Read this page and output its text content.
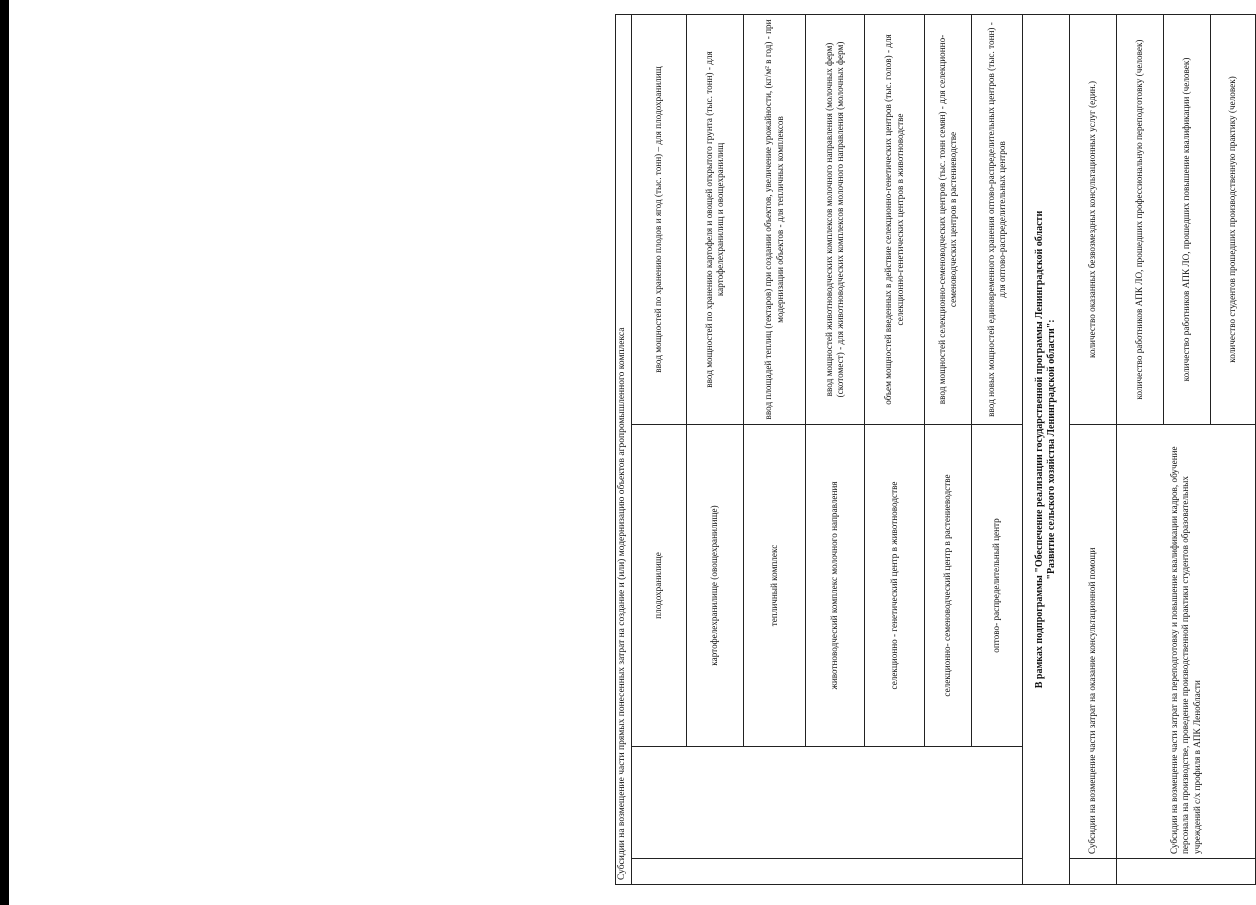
Субсидии на возмещение части прямых понесенных затрат на создание и (или) модернизацию объектов агропромышленного комплекса			
		плодохранилище	ввод мощностей по хранению плодов и ягод (тыс. тонн) – для плодохранилищ
		картофелехранилище (овощехранилище)	ввод мощностей по хранению картофеля и овощей открытого грунта (тыс. тонн) - для картофелехранилищ и овощехранилищ
		тепличный комплекс	ввод площадей теплиц (гектаров) при создании объектов, увеличение урожайности, (кг/м² в год) - при модернизации объектов - для тепличных комплексов
		животноводческий комплекс молочного направления	ввод мощностей животноводческих комплексов молочного направления (молочных ферм) (скотомест) - для животноводческих комплексов молочного направления (молочных ферм)
		селекционно - генетический центр в животноводстве	объем мощностей введенных в действие селекционно-генетических центров (тыс. голов) - для селекционно-генетических центров в животноводстве
		селекционно- семеноводческий центр в растениеводстве	ввод мощностей селекционно-семеноводческих центров (тыс. тонн семян) - для селекционно-семеноводческих центров в растениеводстве
		оптово- распределительный центр	ввод новых мощностей единовременного хранения оптово-распределительных центров (тыс. тонн) - для оптово-распределительных центров

В рамках подпрограммы "Обеспечение реализации государственной программы Ленинградской области "Развитие сельского хозяйства Ленинградской области":			

	Субсидии на возмещение части затрат на оказание консультационной помощи		количество оказанных безвозмездных консультационных услуг (един.)
	Субсидии на возмещение части затрат на переподготовку и повышение квалификации кадров, обучение персонала на производстве, проведение производственной практики студентов образовательных учреждений с/х профиля в АПК Ленобласти		количество работников АПК ЛО, прошедших профессиональную переподготовку (человек)
			количество работников АПК ЛО, прошедших повышение квалификации (человек)
			количество студентов прошедших производственную практику (человек)
